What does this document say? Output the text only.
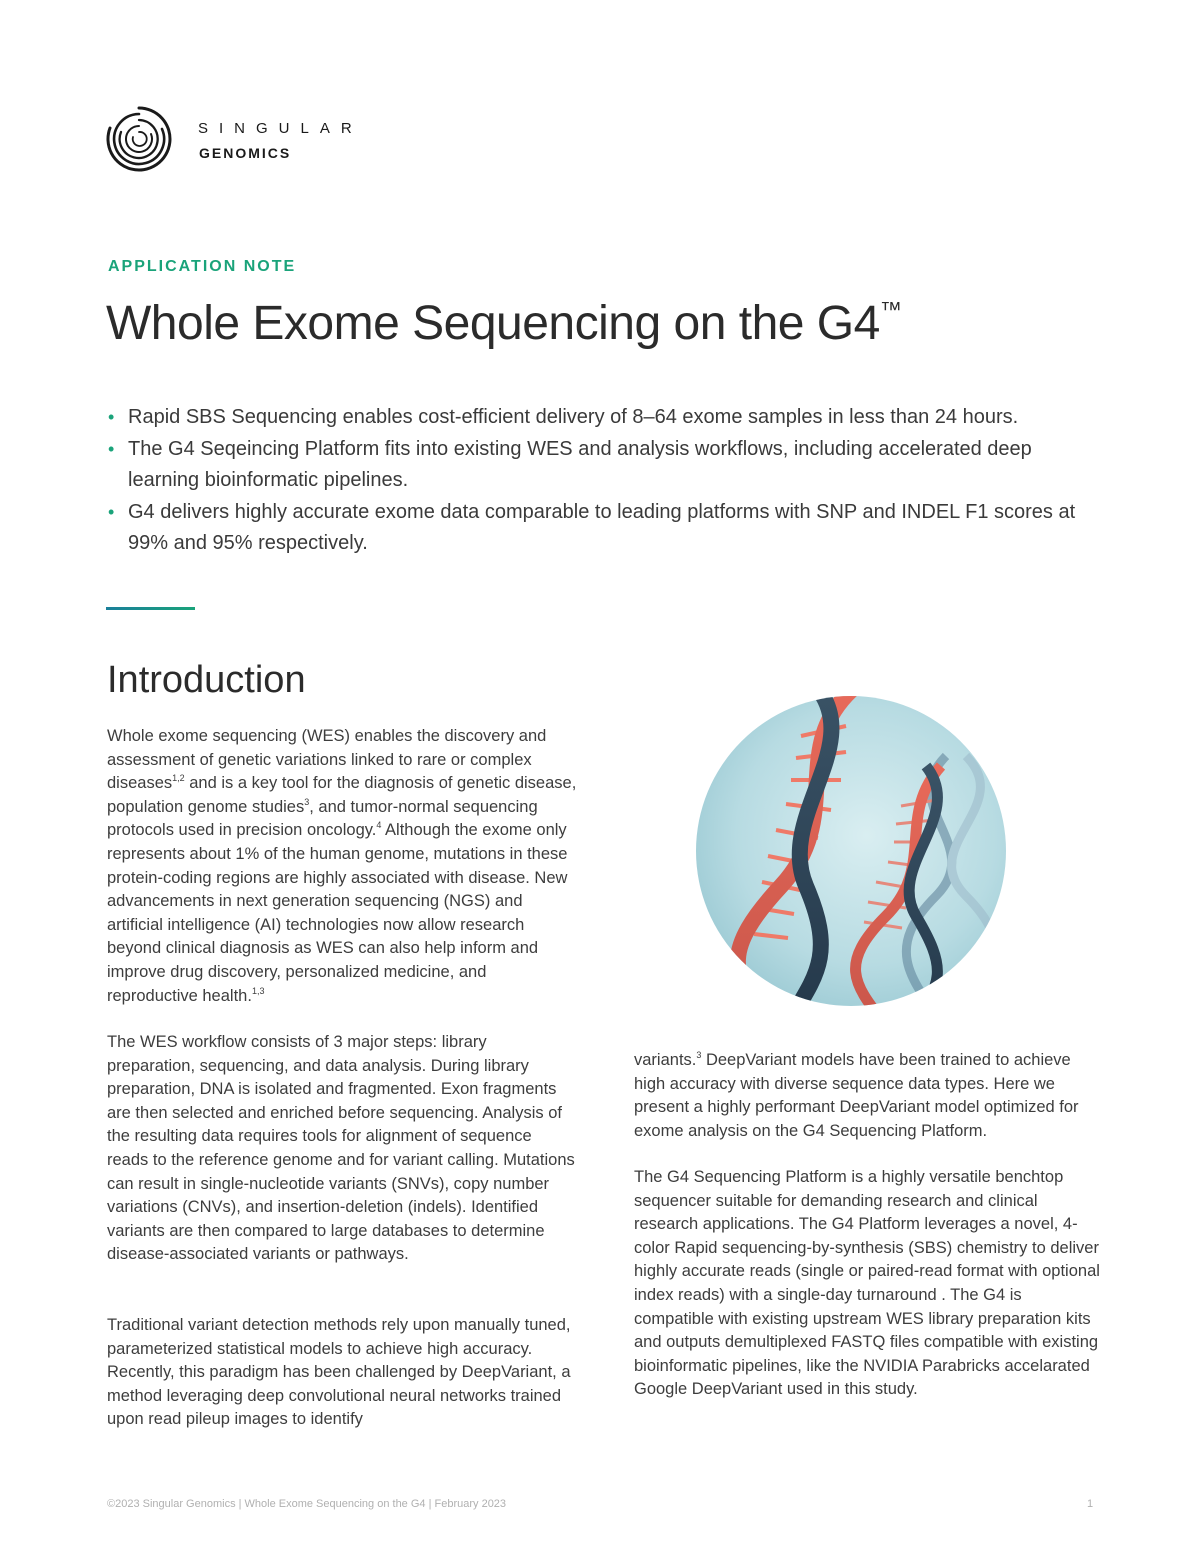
SINGULAR
GENOMICS
APPLICATION NOTE
Whole Exome Sequencing on the G4™
• Rapid SBS Sequencing enables cost-efficient delivery of 8–64 exome samples in less than 24 hours.
• The G4 Seqeincing Platform fits into existing WES and analysis workflows, including accelerated deep learning bioinformatic pipelines.
• G4 delivers highly accurate exome data comparable to leading platforms with SNP and INDEL F1 scores at 99% and 95% respectively.
Introduction

Whole exome sequencing (WES) enables the discovery and assessment of genetic variations linked to rare or complex diseases$^{1,2}$ and is a key tool for the diagnosis of genetic disease, population genome studies$^3$, and tumor-normal sequencing protocols used in precision oncology.$^4$ Although the exome only represents about 1% of the human genome, mutations in these protein-coding regions are highly associated with disease. New advancements in next generation sequencing (NGS) and artificial intelligence (AI) technologies now allow research beyond clinical diagnosis as WES can also help inform and improve drug discovery, personalized medicine, and reproductive health.$^{1,3}$

The WES workflow consists of 3 major steps: library preparation, sequencing, and data analysis. During library preparation, DNA is isolated and fragmented. Exon fragments are then selected and enriched before sequencing. Analysis of the resulting data requires tools for alignment of sequence reads to the reference genome and for variant calling. Mutations can result in single-nucleotide variants (SNVs), copy number variations (CNVs), and insertion-deletion (indels). Identified variants are then compared to large databases to determine disease-associated variants or pathways.

Traditional variant detection methods rely upon manually tuned, parameterized statistical models to achieve high accuracy. Recently, this paradigm has been challenged by DeepVariant, a method leveraging deep convolutional neural networks trained upon read pileup images to identify

variants.$^3$ DeepVariant models have been trained to achieve high accuracy with diverse sequence data types. Here we present a highly performant DeepVariant model optimized for exome analysis on the G4 Sequencing Platform.

The G4 Sequencing Platform is a highly versatile benchtop sequencer suitable for demanding research and clinical research applications. The G4 Platform leverages a novel, 4-color Rapid sequencing-by-synthesis (SBS) chemistry to deliver highly accurate reads (single or paired-read format with optional index reads) with a single-day turnaround . The G4 is compatible with existing upstream WES library preparation kits and outputs demultiplexed FASTQ files compatible with existing bioinformatic pipelines, like the NVIDIA Parabricks accelarated Google DeepVariant used in this study.

©2023 Singular Genomics | Whole Exome Sequencing on the G4 | February 2023	1
